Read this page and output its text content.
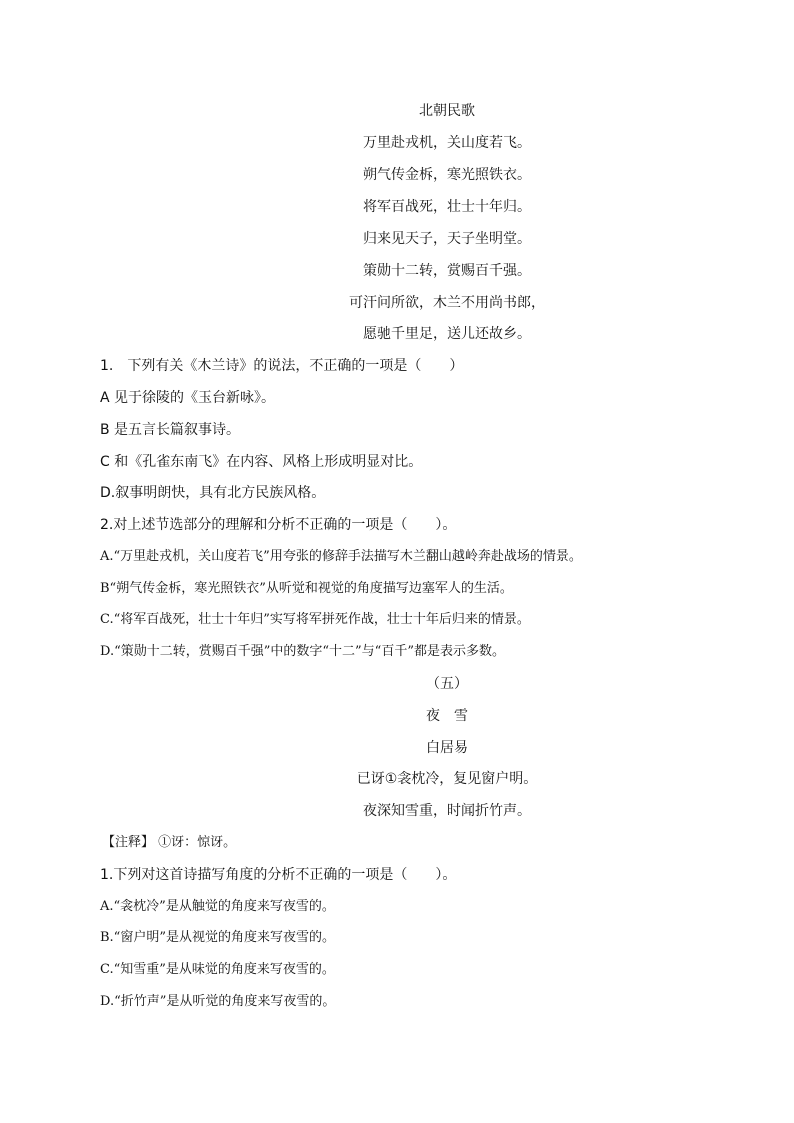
北朝民歌
万里赴戎机，关山度若飞。
朔气传金柝，寒光照铁衣。
将军百战死，壮士十年归。
归来见天子，天子坐明堂。
策勋十二转，赏赐百千强。
可汗问所欲，木兰不用尚书郎，
愿驰千里足，送儿还故乡。
1.　下列有关《木兰诗》的说法，不正确的一项是（　　）
A 见于徐陵的《玉台新咏》。
B 是五言长篇叙事诗。
C 和《孔雀东南飞》在内容、风格上形成明显对比。
D.叙事明朗快，具有北方民族风格。
2.对上述节选部分的理解和分析不正确的一项是（　　）。
A.“万里赴戎机，关山度若飞”用夸张的修辞手法描写木兰翻山越岭奔赴战场的情景。
B“朔气传金柝，寒光照铁衣”从听觉和视觉的角度描写边塞军人的生活。
C.“将军百战死，壮士十年归”实写将军拼死作战，壮士十年后归来的情景。
D.“策勋十二转，赏赐百千强”中的数字“十二”与“百千”都是表示多数。
（五）
夜　雪
白居易
已讶①衾枕冷，复见窗户明。
夜深知雪重，时闻折竹声。
【注释】 ①讶：惊讶。
1.下列对这首诗描写角度的分析不正确的一项是（　　）。
A.“衾枕冷”是从触觉的角度来写夜雪的。
B.“窗户明”是从视觉的角度来写夜雪的。
C.“知雪重”是从味觉的角度来写夜雪的。
D.“折竹声”是从听觉的角度来写夜雪的。
